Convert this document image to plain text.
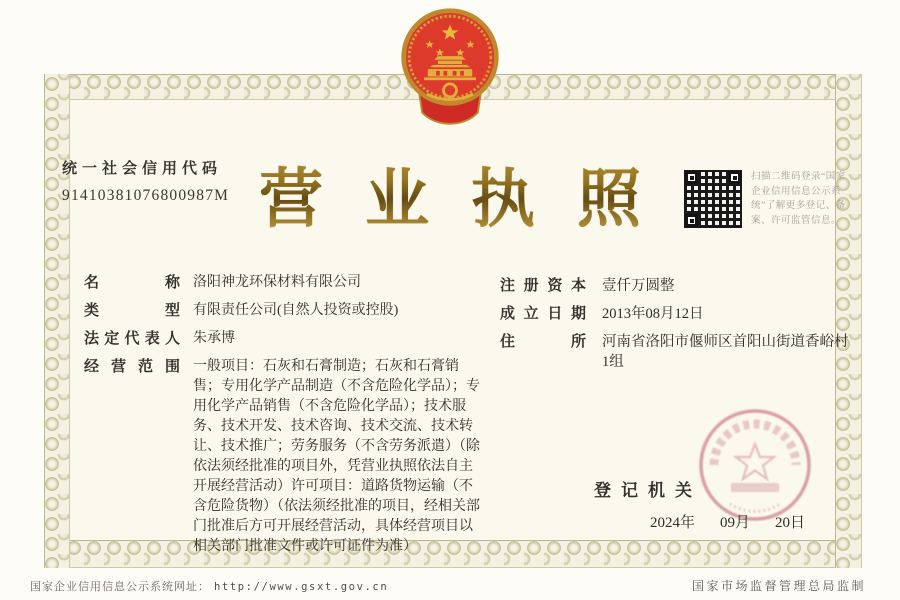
统一社会信用代码
91410381076800987M 营业执照	扫描二维码登录“国家企业信用信息公示系统”了解更多登记、备案、许可监管信息。
名称 洛阳神龙环保材料有限公司
类型 有限责任公司(自然人投资或控股)
法定代表人 朱承博
经营范围 一般项目：石灰和石膏制造；石灰和石膏销售；专用化学产品制造（不含危险化学品）；专用化学产品销售（不含危险化学品）；技术服务、技术开发、技术咨询、技术交流、技术转让、技术推广；劳务服务（不含劳务派遣）（除依法须经批准的项目外，凭营业执照依法自主开展经营活动）许可项目：道路货物运输（不含危险货物）（依法须经批准的项目，经相关部门批准后方可开展经营活动，具体经营项目以相关部门批准文件或许可证件为准）
注册资本	壹仟万圆整
成立日期	2013年08月12日
住所	河南省洛阳市偃师区首阳山街道香峪村1组
登记机关
2024年 09月 20日
国家企业信用信息公示系统网址： http://www.gsxt.gov.cn	国家市场监督管理总局监制
